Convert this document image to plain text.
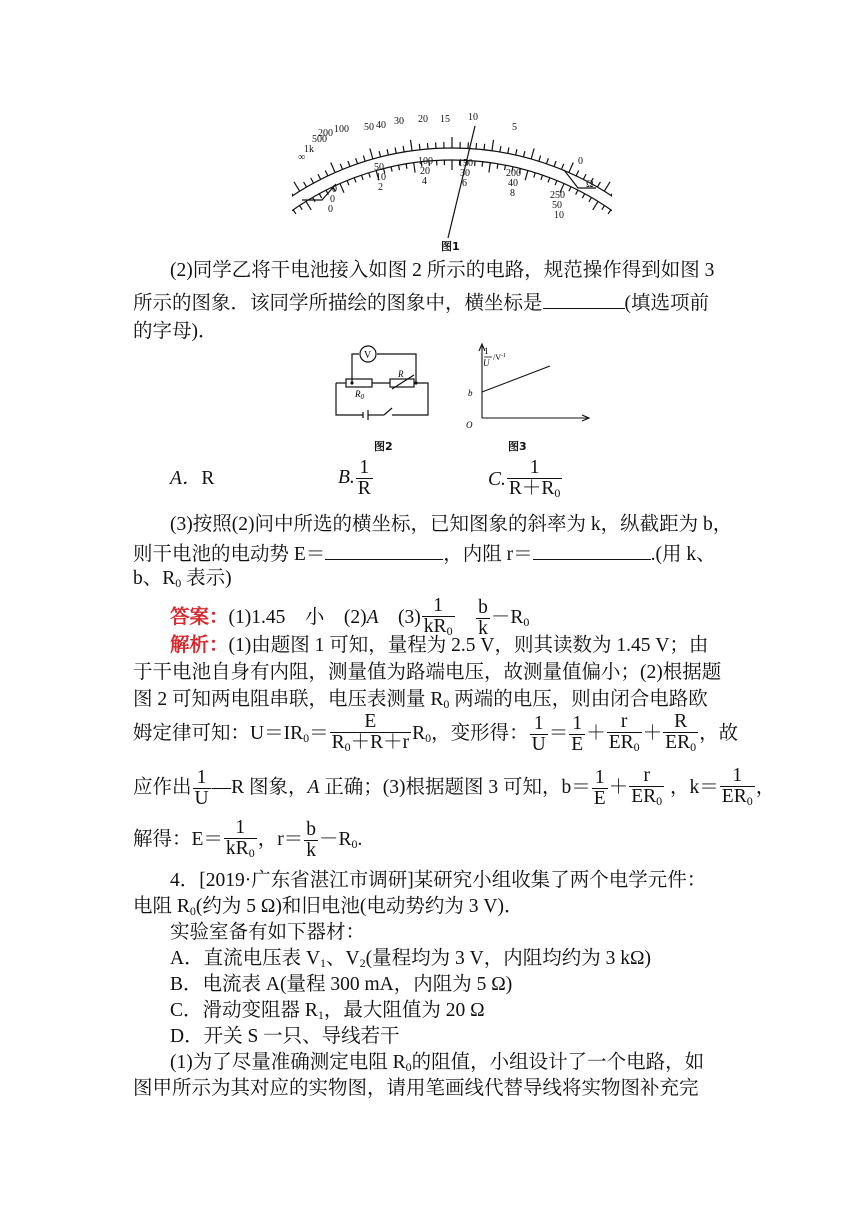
∞
1k
500
200 100 50 40 30 20 15 10
5
0
Ω
0
50
100	150
200
250
0
10
20	30
40
50
0
2
4	6
8
10
图1
(2)同学乙将干电池接入如图 2 所示的电路，规范操作得到如图 3
所示的图象．该同学所描绘的图象中，横坐标是	(填选项前
的字母)．
V
$R_0$
R
图2
b
O
1
U
$/V^{-1}$
图3
A．R	B. $\frac{1}{R}$	C. $\frac{1}{R+R_0}$
(3)按照(2)问中所选的横坐标，已知图象的斜率为 k，纵截距为 b，
则干电池的电动势 E＝	，内阻 r＝	.(用 k、
b、$R_0$ 表示)
答案：(1)1.45　小　(2)A　$(3) \frac{1}{kR_0}$
　 $\frac{b}{k} -R_0$
解析：(1)由题图 1 可知，量程为 2.5 V，则其读数为 1.45 V；由
于干电池自身有内阻，测量值为路端电压，故测量值偏小；(2)根据题
图 2 可知两电阻串联，电压表测量 $R_0$ 两端的电压，则由闭合电路欧
姆定律可知：$U=IR_0= \frac{E}{R_0+R+r} R_0$，变形得： $\frac{1}{U} = \frac{1}{E} + \frac{r}{ER_0} + \frac{R}{ER_0}$ ，故
应作出 $\frac{1}{U}$ —R 图象，A 正确；(3)根据题图 3 可知，$b= \frac{1}{E} + \frac{r}{ER_0}$ ，$k= \frac{1}{ER_0}$ ，
解得：$E= \frac{1}{kR_0}$ ，$r= \frac{b}{k} -R_0$.
4．[2019·广东省湛江市调研]某研究小组收集了两个电学元件：
电阻 $R_0$(约为 5 Ω)和旧电池(电动势约为 3 V)．
实验室备有如下器材：
A．直流电压表 $V_1$、$V_2$(量程均为 3 V，内阻均约为 3 kΩ)
B．电流表 A(量程 300 mA，内阻为 5 Ω)
C．滑动变阻器 $R_1$，最大阻值为 20 Ω
D．开关 S 一只、导线若干
(1)为了尽量准确测定电阻 $R_0$的阻值，小组设计了一个电路，如
图甲所示为其对应的实物图，请用笔画线代替导线将实物图补充完
